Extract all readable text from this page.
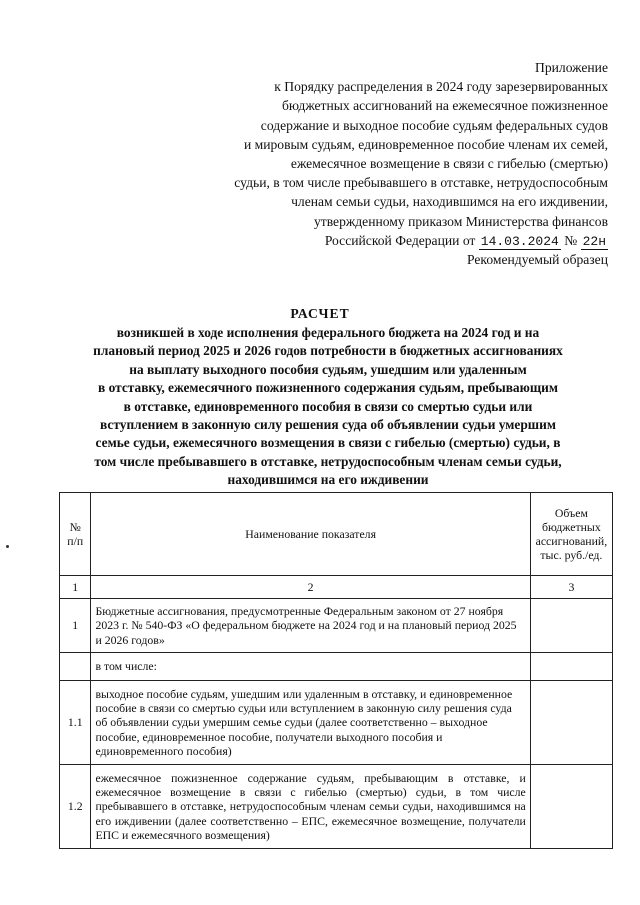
Приложение
к Порядку распределения в 2024 году зарезервированных
бюджетных ассигнований на ежемесячное пожизненное
содержание и выходное пособие судьям федеральных судов
и мировым судьям, единовременное пособие членам их семей,
ежемесячное возмещение в связи с гибелью (смертью)
судьи, в том числе пребывавшего в отставке, нетрудоспособным
членам семьи судьи, находившимся на его иждивении,
утвержденному приказом Министерства финансов
Российской Федерации от 14.03.2024 № 22н
Рекомендуемый образец
РАСЧЕТ
возникшей в ходе исполнения федерального бюджета на 2024 год и на
плановый период 2025 и 2026 годов потребности в бюджетных ассигнованиях
на выплату выходного пособия судьям, ушедшим или удаленным
в отставку, ежемесячного пожизненного содержания судьям, пребывающим
в отставке, единовременного пособия в связи со смертью судьи или
вступлением в законную силу решения суда об объявлении судьи умершим
семье судьи, ежемесячного возмещения в связи с гибелью (смертью) судьи, в
том числе пребывавшего в отставке, нетрудоспособным членам семьи судьи,
находившимся на его иждивении
№ п/п	Наименование показателя	Объем бюджетных ассигнований, тыс. руб./ед.
1	2	3
1	Бюджетные ассигнования, предусмотренные Федеральным законом от 27 ноября 2023 г. № 540-ФЗ «О федеральном бюджете на 2024 год и на плановый период 2025 и 2026 годов»	
	в том числе:	
1.1	выходное пособие судьям, ушедшим или удаленным в отставку, и единовременное пособие в связи со смертью судьи или вступлением в законную силу решения суда об объявлении судьи умершим семье судьи (далее соответственно – выходное пособие, единовременное пособие, получатели выходного пособия и единовременного пособия)	
1.2	ежемесячное пожизненное содержание судьям, пребывающим в отставке, и ежемесячное возмещение в связи с гибелью (смертью) судьи, в том числе пребывавшего в отставке, нетрудоспособным членам семьи судьи, находившимся на его иждивении (далее соответственно – ЕПС, ежемесячное возмещение, получатели ЕПС и ежемесячного возмещения)	
